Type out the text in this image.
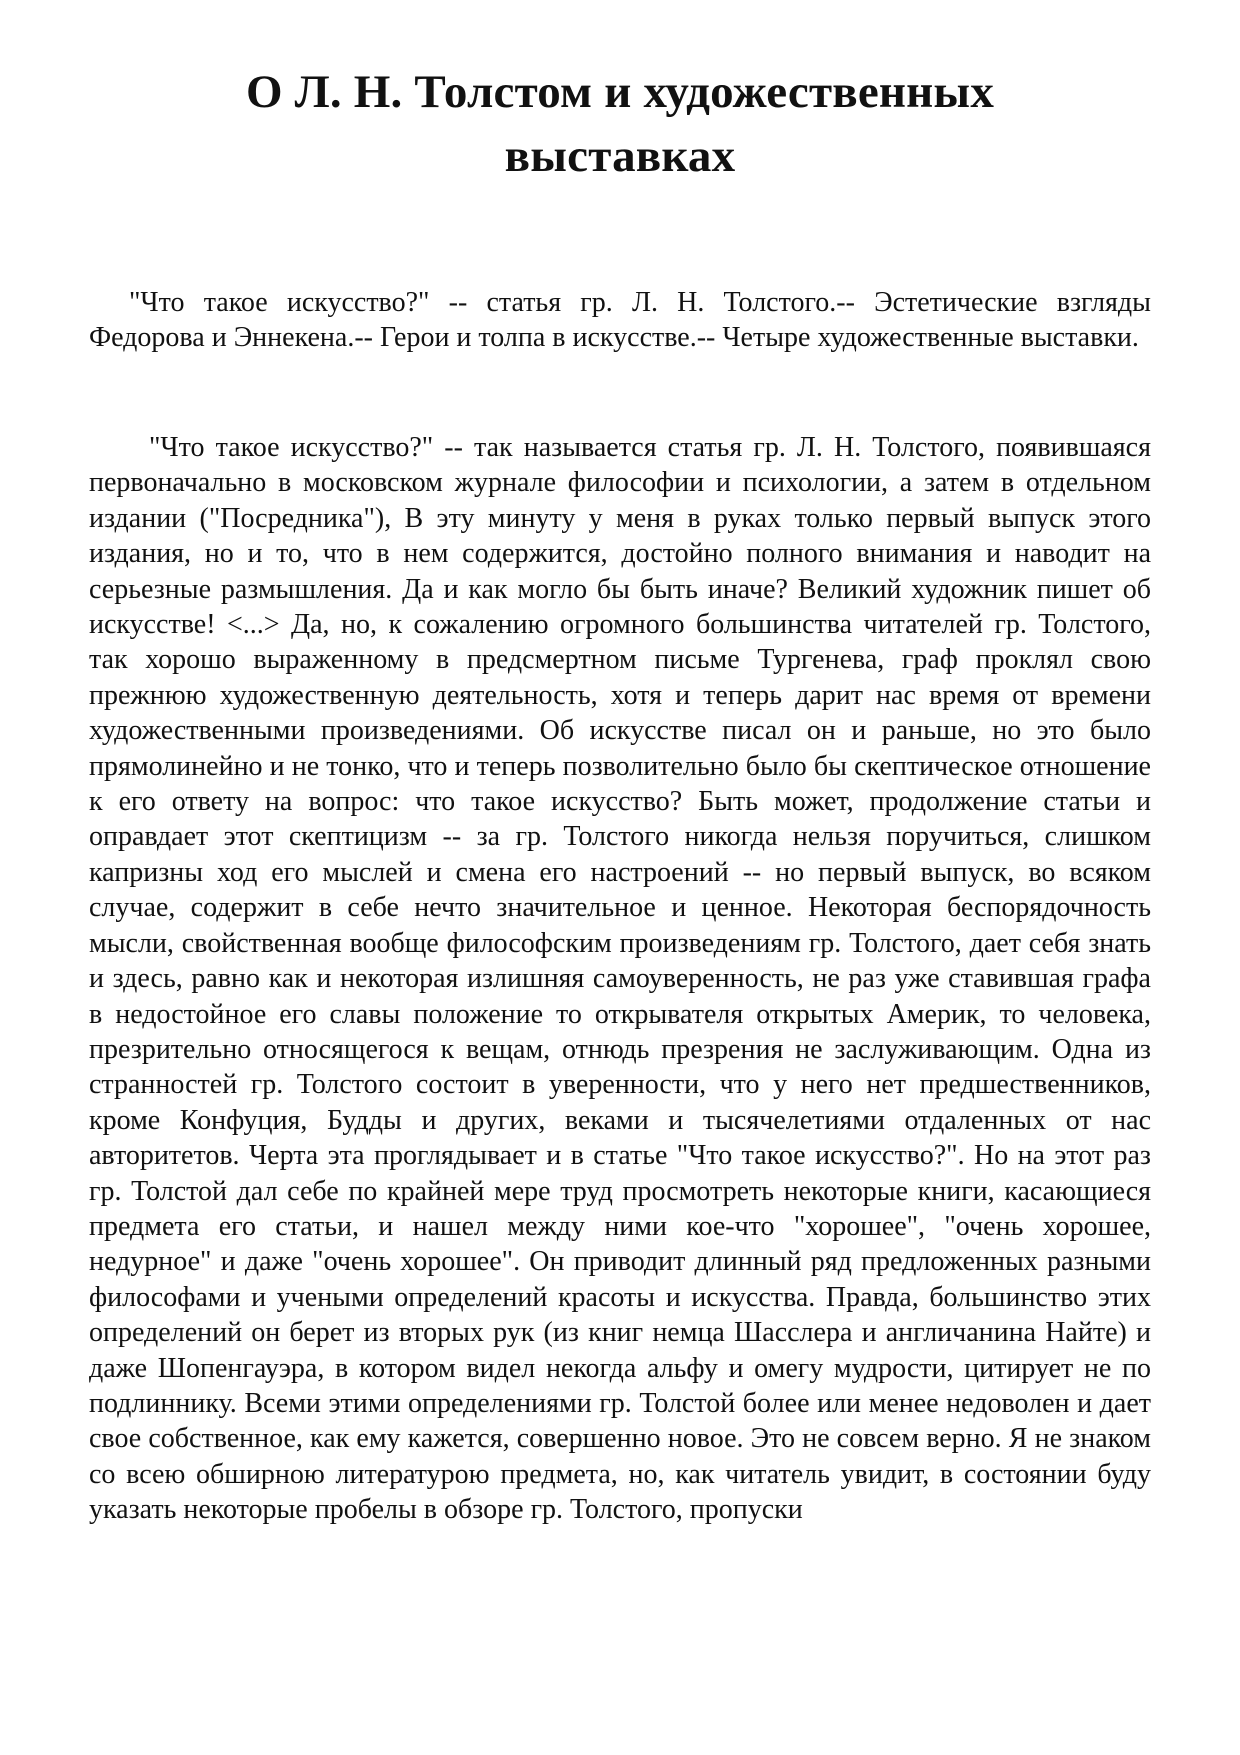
О Л. Н. Толстом и художественных
выставках

"Что такое искусство?" -- статья гр. Л. Н. Толстого.-- Эстетические взгляды Федорова и Эннекена.-- Герои и толпа в искусстве.-- Четыре художественные выставки.

"Что такое искусство?" -- так называется статья гр. Л. Н. Толстого, появившаяся первоначально в московском журнале философии и психологии, а затем в отдельном издании ("Посредника"), В эту минуту у меня в руках только первый выпуск этого издания, но и то, что в нем содержится, достойно полного внимания и наводит на серьезные размышления. Да и как могло бы быть иначе? Великий художник пишет об искусстве! <...> Да, но, к сожалению огромного большинства читателей гр. Толстого, так хорошо выраженному в предсмертном письме Тургенева, граф проклял свою прежнюю художественную деятельность, хотя и теперь дарит нас время от времени художественными произведениями. Об искусстве писал он и раньше, но это было прямолинейно и не тонко, что и теперь позволительно было бы скептическое отношение к его ответу на вопрос: что такое искусство? Быть может, продолжение статьи и оправдает этот скептицизм -- за гр. Толстого никогда нельзя поручиться, слишком капризны ход его мыслей и смена его настроений -- но первый выпуск, во всяком случае, содержит в себе нечто значительное и ценное. Некоторая беспорядочность мысли, свойственная вообще философским произведениям гр. Толстого, дает себя знать и здесь, равно как и некоторая излишняя самоуверенность, не раз уже ставившая графа в недостойное его славы положение то открывателя открытых Америк, то человека, презрительно относящегося к вещам, отнюдь презрения не заслуживающим. Одна из странностей гр. Толстого состоит в уверенности, что у него нет предшественников, кроме Конфуция, Будды и других, веками и тысячелетиями отдаленных от нас авторитетов. Черта эта проглядывает и в статье "Что такое искусство?". Но на этот раз гр. Толстой дал себе по крайней мере труд просмотреть некоторые книги, касающиеся предмета его статьи, и нашел между ними кое-что "хорошее", "очень хорошее, недурное" и даже "очень хорошее". Он приводит длинный ряд предложенных разными философами и учеными определений красоты и искусства. Правда, большинство этих определений он берет из вторых рук (из книг немца Шасслера и англичанина Найте) и даже Шопенгауэра, в котором видел некогда альфу и омегу мудрости, цитирует не по подлиннику. Всеми этими определениями гр. Толстой более или менее недоволен и дает свое собственное, как ему кажется, совершенно новое. Это не совсем верно. Я не знаком со всею обширною литературою предмета, но, как читатель увидит, в состоянии буду указать некоторые пробелы в обзоре гр. Толстого, пропуски
